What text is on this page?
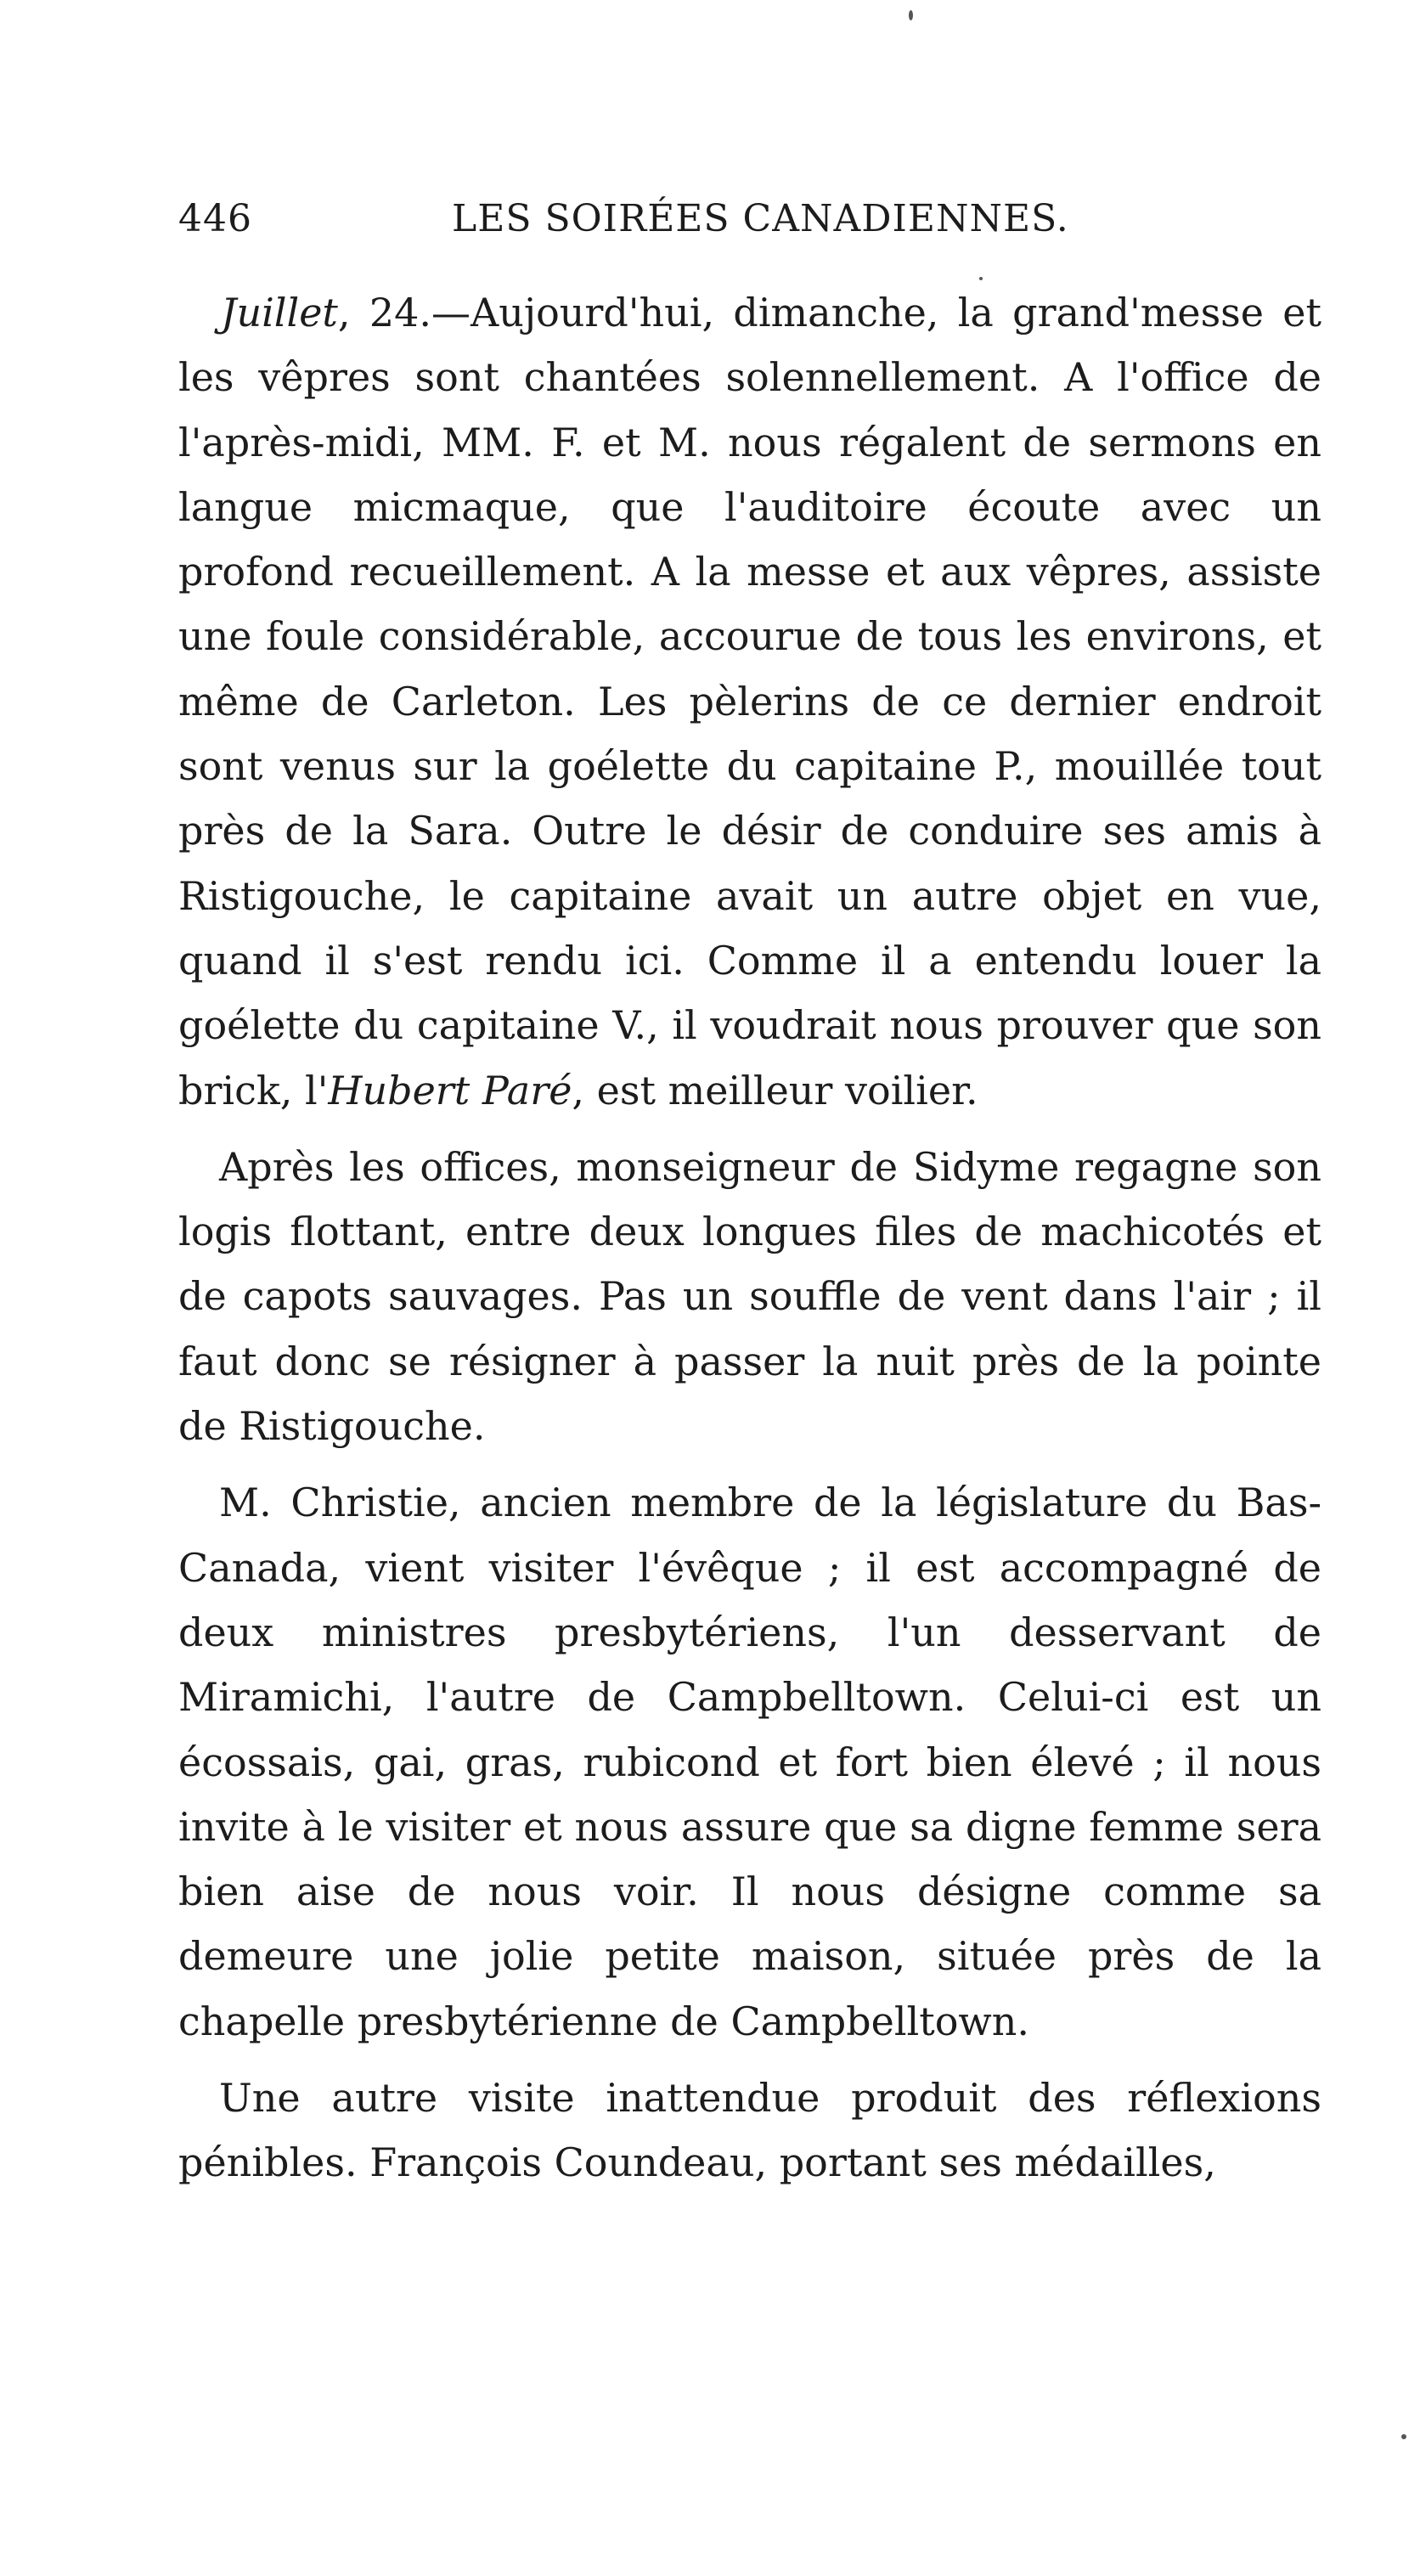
446	LES SOIRÉES CANADIENNES.

Juillet, 24.—Aujourd'hui, dimanche, la grand'messe et les vêpres sont chantées solennellement. A l'office de l'après-midi, MM. F. et M. nous régalent de sermons en langue micmaque, que l'auditoire écoute avec un profond recueillement. A la messe et aux vêpres, assiste une foule considérable, accourue de tous les environs, et même de Carleton. Les pèlerins de ce dernier endroit sont venus sur la goélette du capitaine P., mouillée tout près de la Sara. Outre le désir de conduire ses amis à Ristigouche, le capitaine avait un autre objet en vue, quand il s'est rendu ici. Comme il a entendu louer la goélette du capitaine V., il voudrait nous prouver que son brick, l'Hubert Paré, est meilleur voilier.

Après les offices, monseigneur de Sidyme regagne son logis flottant, entre deux longues files de machicotés et de capots sauvages. Pas un souffle de vent dans l'air ; il faut donc se résigner à passer la nuit près de la pointe de Ristigouche.

M. Christie, ancien membre de la législature du Bas-Canada, vient visiter l'évêque ; il est accompagné de deux ministres presbytériens, l'un desservant de Miramichi, l'autre de Campbelltown. Celui-ci est un écossais, gai, gras, rubicond et fort bien élevé ; il nous invite à le visiter et nous assure que sa digne femme sera bien aise de nous voir. Il nous désigne comme sa demeure une jolie petite maison, située près de la chapelle presbytérienne de Campbelltown.

Une autre visite inattendue produit des réflexions pénibles. François Coundeau, portant ses médailles,
